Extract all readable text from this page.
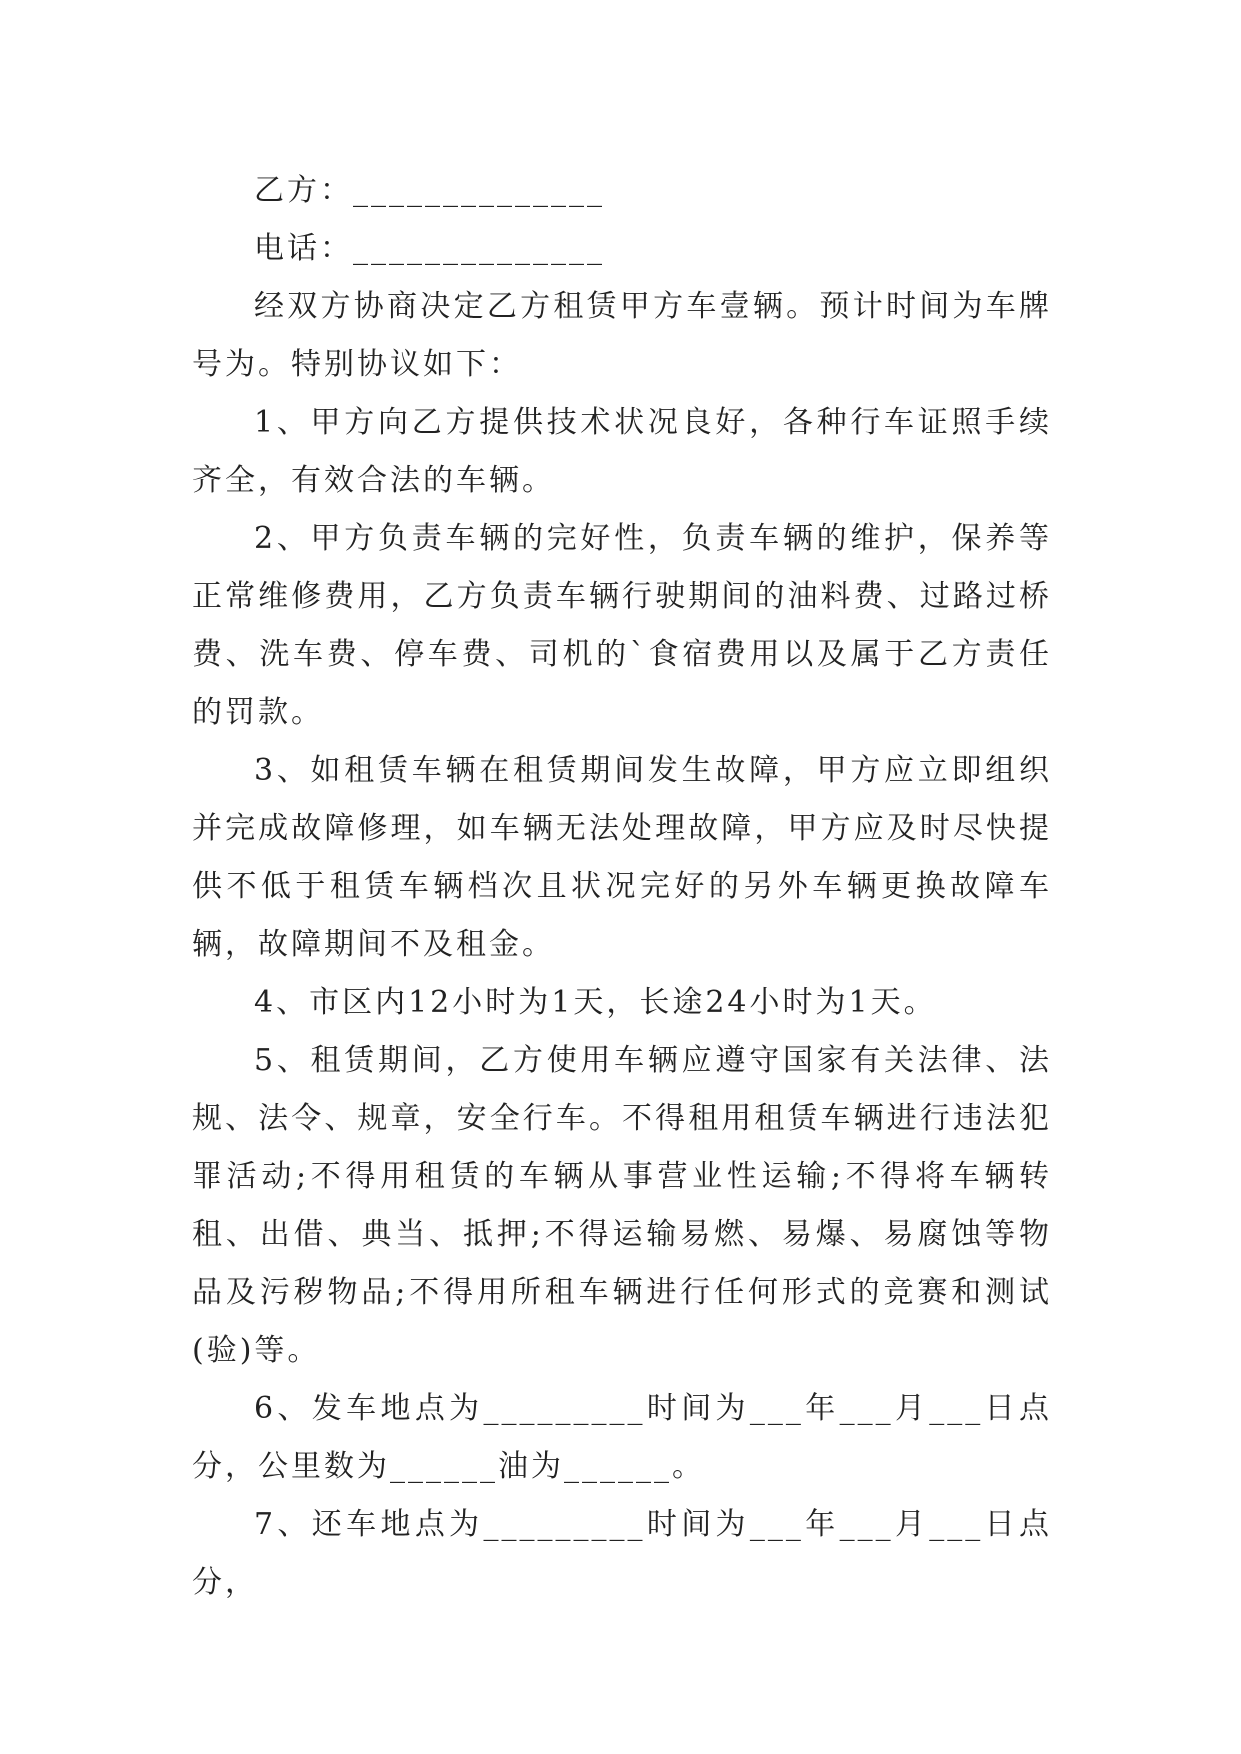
乙方：______________

电话：______________

经双方协商决定乙方租赁甲方车壹辆。预计时间为车牌号为。特别协议如下：

1、甲方向乙方提供技术状况良好，各种行车证照手续齐全，有效合法的车辆。

2、甲方负责车辆的完好性，负责车辆的维护，保养等正常维修费用，乙方负责车辆行驶期间的油料费、过路过桥费、洗车费、停车费、司机的`食宿费用以及属于乙方责任的罚款。

3、如租赁车辆在租赁期间发生故障，甲方应立即组织并完成故障修理，如车辆无法处理故障，甲方应及时尽快提供不低于租赁车辆档次且状况完好的另外车辆更换故障车辆，故障期间不及租金。

4、市区内12小时为1天，长途24小时为1天。

5、租赁期间，乙方使用车辆应遵守国家有关法律、法规、法令、规章，安全行车。不得租用租赁车辆进行违法犯罪活动;不得用租赁的车辆从事营业性运输;不得将车辆转租、出借、典当、抵押;不得运输易燃、易爆、易腐蚀等物品及污秽物品;不得用所租车辆进行任何形式的竞赛和测试(验)等。

6、发车地点为_________时间为___年___月___日点分，公里数为______油为______。

7、还车地点为_________时间为___年___月___日点分，
